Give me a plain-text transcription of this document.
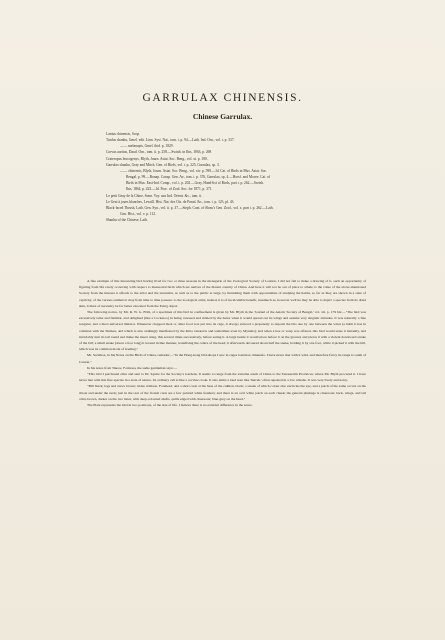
GARRULAX CHINENSIS.
Chinese Garrulax.
Lanius chinensis, Scop.
Turdus shanhu, Gmel. edit. Linn. Syst. Nat., tom. i. p. 94.—Lath. Ind. Orn., vol. i. p. 337.
—— melanopis, Gmel. ibid. p. 1829.
Corvus auritus, Daud. Orn., tom. ii. p. 258.—Swinh. in Ibis, 1863, p. 269.
Crateropus leucogenys, Blyth, Journ. Asiat. Soc. Beng., vol. xi. p. 180.
Garrulax shanhu, Gray and Mitch. Gen. of Birds, vol. i. p. 225, Garrulax, sp. 3.
—— chinensis, Blyth, Journ. Asiat. Soc. Beng., vol. xiv. p. 598.—Id. Cat. of Birds in Mus. Asiat. Soc.
Bengal, p. 99.—Bonap. Consp. Gen. Av., tom. i. p. 376, Garrulax, sp. 4.—Horsf. and Moore, Cat. of
Birds in Mus. East-Ind. Comp., vol. i. p. 202.—Gray, Hand-list of Birds, part i. p. 262.—Swinh.
Ibis, 1864, p. 423.—Id. Proc. of Zool. Soc. for 1871, p. 371.
Le petit Geay de la Chine, Sonn. Voy. aux Ind. Orient. &c., tom. ii.
Le Geai à joues blanches, Levaill. Hist. Nat. des Ois. de Parad. &c., tom. i. p. 123, pl. 43.
Black-faced Thrush, Lath. Gen. Syn., vol. ii. p. 37.—Steph. Cont. of Shaw's Gen. Zool., vol. x. part i. p. 262.—Lath.
Gen. Hist., vol. v. p. 112.
Shanhu of the Chinese, Lath.

A fine example of this interesting bird having lived for two or three seasons in the menagerie of the Zoological Society of London, I did not fail to make a drawing of it, such an opportunity of figuring from life rarely occurring with respect to insessorial birds which are natives of the distant country of China. And here it will not be out of place to allude to the value of the above-mentioned Society from the interest it affords to the artist and the naturalist, as well as to the public at large, by furnishing them with opportunities of studying the habits, so far as they are shown in a state of captivity, of the various animals it may from time to time possess: to the zoological artist, indeed, it is of incalculable benefit, inasmuch as, however well he may be able to depict a species from its dried skin, it must of necessity be far better executed from the living object.

The following notice, by Mr. R. W. G. Frith, of a specimen of this bird in confinement is given by Mr. Blyth in the 'Journal of the Asiatic Society of Bengal,' vol. xii. p. 179 bis:—"The bird was excessively tame and familiar, and delighted (like a Cockatoo) in being caressed and tickled by the hand, when it would spread out its wings and assume very singular attitudes. It was naturally a fine songster, and a most universal imitator. Whenever chopped meat or other food was put into its cage, it always evinced a propensity to deposit the bits one by one between the wires (a habit it has in common with the Shrikes, and which is also strikingly manifested by the Kitta venatoria and sometimes even by Mynahs); and when a bee or wasp was offered, this bird would seize it instantly, and invariably turn its tail round and make the insect sting, this several times successively, before eating it. A large beetle it would place before it on the ground, and pierce it with a violent downward stroke of the bill; a small snake (about a foot long) it treated in like manner, transfixing the centre of the head; it afterwards devoured about half the snake, holding it by one foot, while it picked it with the bill, which was its common mode of feeding."

Mr. Swinhoe, in his Notes on the Birds of China, remarks:—"In the Hong-kong bird-shops I saw in cages Garrulax chinensis. I have never met with it wild, and therefore fancy its range is south of Canton."

In his notes from Takow, Formosa, the same gentleman says:—

"This bird I purchased alive and sent to Dr. Squire for the Society's Gardens. It seems to range from the extreme south of China to the Tenasserim Provinces, where Mr. Blyth procured it. I have never met with this fine species in a state of nature. Its ordinary call is like a corvine croak. It also emits a loud note like 'hurrah,' often repeated in a low whistle. It was very lively and noisy.

"Bill black; legs and claws brown; irides crimson. Forehead, and a short crest at the base of the culmen, black; a streak of which colour also encircles the eye, and a patch of the same occurs on the throat and under the neck; just in the rear of the frontal crest are a few pointed white feathers; and there is an oval white patch on each cheek; the general plumage is cinereous; back, wings, and tail olive-brown, darker on the two latter, with deep-coloured shafts, quills edged with cinereous; blue-grey on the head."

The Plate represents the bird in two positions, of the size of life. I believe there is no external difference in the sexes.
